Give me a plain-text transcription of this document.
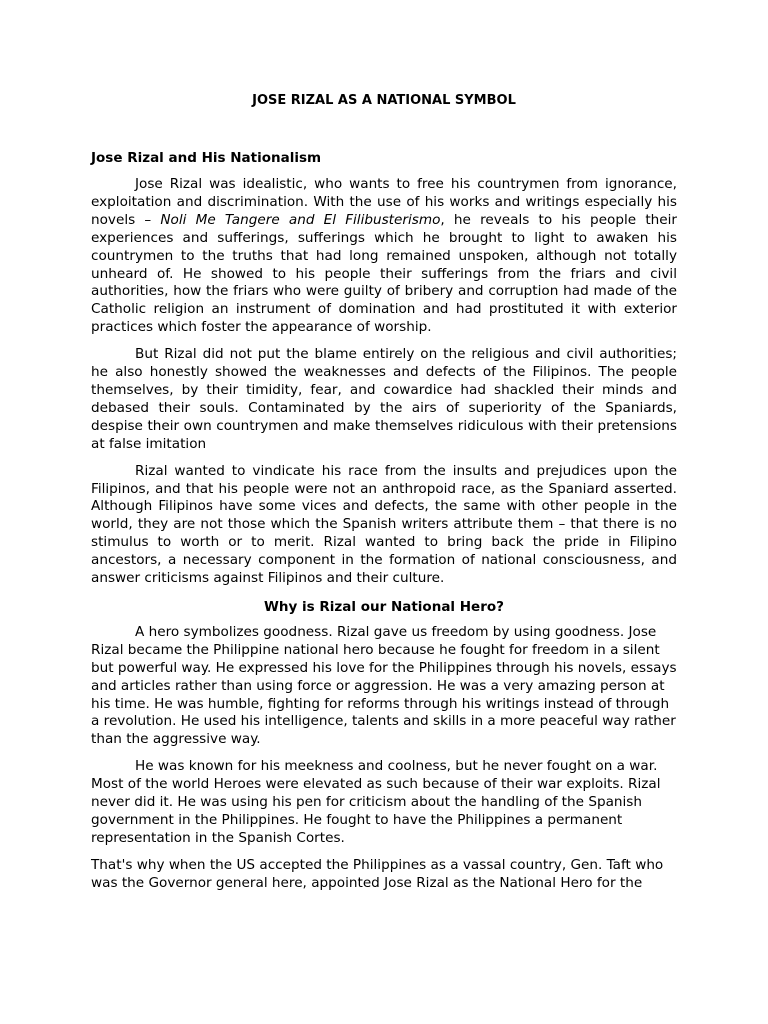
JOSE RIZAL AS A NATIONAL SYMBOL
Jose Rizal and His Nationalism

Jose Rizal was idealistic, who wants to free his countrymen from ignorance, exploitation and discrimination. With the use of his works and writings especially his novels – Noli Me Tangere and El Filibusterismo, he reveals to his people their experiences and sufferings, sufferings which he brought to light to awaken his countrymen to the truths that had long remained unspoken, although not totally unheard of. He showed to his people their sufferings from the friars and civil authorities, how the friars who were guilty of bribery and corruption had made of the Catholic religion an instrument of domination and had prostituted it with exterior practices which foster the appearance of worship.

But Rizal did not put the blame entirely on the religious and civil authorities; he also honestly showed the weaknesses and defects of the Filipinos. The people themselves, by their timidity, fear, and cowardice had shackled their minds and debased their souls. Contaminated by the airs of superiority of the Spaniards, despise their own countrymen and make themselves ridiculous with their pretensions at false imitation

Rizal wanted to vindicate his race from the insults and prejudices upon the Filipinos, and that his people were not an anthropoid race, as the Spaniard asserted. Although Filipinos have some vices and defects, the same with other people in the world, they are not those which the Spanish writers attribute them – that there is no stimulus to worth or to merit. Rizal wanted to bring back the pride in Filipino ancestors, a necessary component in the formation of national consciousness, and answer criticisms against Filipinos and their culture.

Why is Rizal our National Hero?

A hero symbolizes goodness. Rizal gave us freedom by using goodness. Jose Rizal became the Philippine national hero because he fought for freedom in a silent but powerful way. He expressed his love for the Philippines through his novels, essays and articles rather than using force or aggression. He was a very amazing person at his time. He was humble, fighting for reforms through his writings instead of through a revolution. He used his intelligence, talents and skills in a more peaceful way rather than the aggressive way.

He was known for his meekness and coolness, but he never fought on a war. Most of the world Heroes were elevated as such because of their war exploits. Rizal never did it. He was using his pen for criticism about the handling of the Spanish government in the Philippines. He fought to have the Philippines a permanent representation in the Spanish Cortes.

That's why when the US accepted the Philippines as a vassal country, Gen. Taft who was the Governor general here, appointed Jose Rizal as the National Hero for the
